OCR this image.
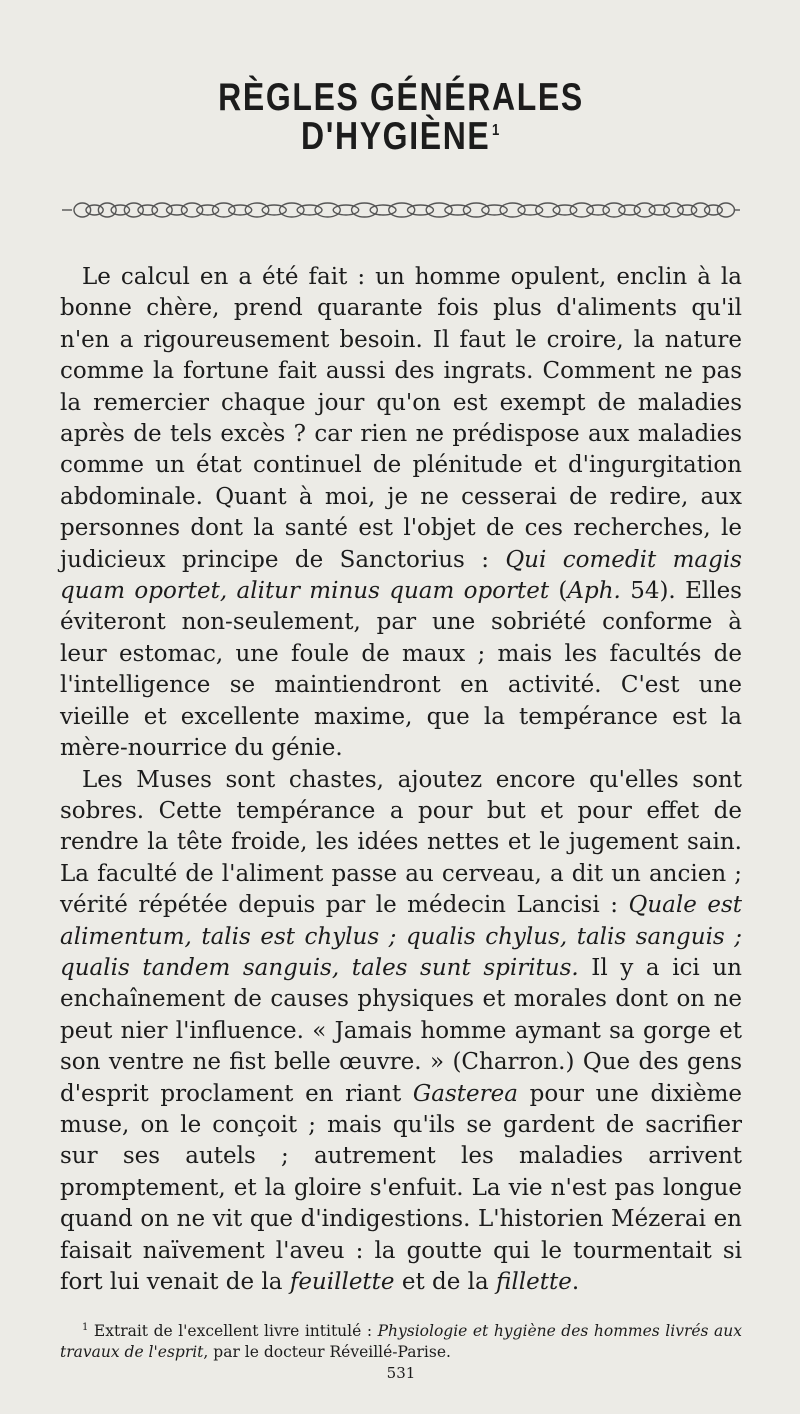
RÈGLES GÉNÉRALES D'HYGIÈNE $^1$

Le calcul en a été fait : un homme opulent, enclin à la bonne chère, prend quarante fois plus d'aliments qu'il n'en a rigoureusement besoin. Il faut le croire, la nature comme la fortune fait aussi des ingrats. Comment ne pas la remercier chaque jour qu'on est exempt de maladies après de tels excès ? car rien ne prédispose aux maladies comme un état continuel de plénitude et d'ingurgitation abdominale. Quant à moi, je ne cesserai de redire, aux personnes dont la santé est l'objet de ces recherches, le judicieux principe de Sanctorius : Qui comedit magis quam oportet, alitur minus quam oportet (Aph. 54). Elles éviteront non-seulement, par une sobriété conforme à leur estomac, une foule de maux ; mais les facultés de l'intelligence se maintiendront en activité. C'est une vieille et excellente maxime, que la tempérance est la mère-nourrice du génie.

Les Muses sont chastes, ajoutez encore qu'elles sont sobres. Cette tempérance a pour but et pour effet de rendre la tête froide, les idées nettes et le jugement sain. La faculté de l'aliment passe au cerveau, a dit un ancien ; vérité répétée depuis par le médecin Lancisi : Quale est alimentum, talis est chylus ; qualis chylus, talis sanguis ; qualis tandem sanguis, tales sunt spiritus. Il y a ici un enchaînement de causes physiques et morales dont on ne peut nier l'influence. « Jamais homme aymant sa gorge et son ventre ne fist belle œuvre. » (Charron.) Que des gens d'esprit proclament en riant Gasterea pour une dixième muse, on le conçoit ; mais qu'ils se gardent de sacrifier sur ses autels ; autrement les maladies arrivent promptement, et la gloire s'enfuit. La vie n'est pas longue quand on ne vit que d'indigestions. L'historien Mézerai en faisait naïvement l'aveu : la goutte qui le tourmentait si fort lui venait de la feuillette et de la fillette.

$^1$ Extrait de l'excellent livre intitulé : Physiologie et hygiène des hommes livrés aux travaux de l'esprit, par le docteur Réveillé-Parise.
531
